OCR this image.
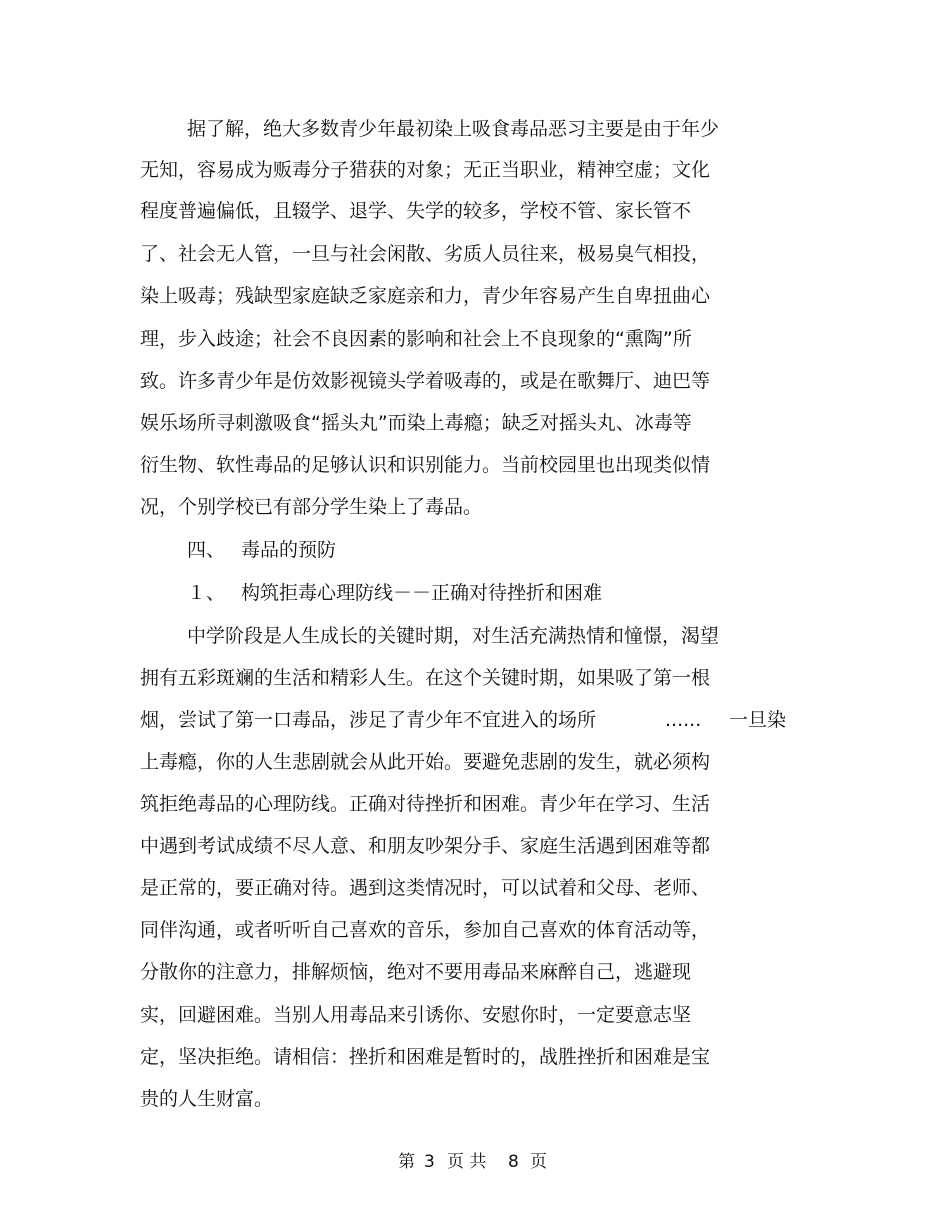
据了解，绝大多数青少年最初染上吸食毒品恶习主要是由于年少
无知，容易成为贩毒分子猎获的对象；无正当职业，精神空虚；文化
程度普遍偏低，且辍学、退学、失学的较多，学校不管、家长管不
了、社会无人管，一旦与社会闲散、劣质人员往来，极易臭气相投，
染上吸毒；残缺型家庭缺乏家庭亲和力，青少年容易产生自卑扭曲心
理，步入歧途；社会不良因素的影响和社会上不良现象的“熏陶”所
致。许多青少年是仿效影视镜头学着吸毒的，或是在歌舞厅、迪巴等
娱乐场所寻刺激吸食“摇头丸”而染上毒瘾；缺乏对摇头丸、冰毒等
衍生物、软性毒品的足够认识和识别能力。当前校园里也出现类似情
况，个别学校已有部分学生染上了毒品。
四、 毒品的预防
１、 构筑拒毒心理防线－－正确对待挫折和困难
中学阶段是人生成长的关键时期，对生活充满热情和憧憬，渴望
拥有五彩斑斓的生活和精彩人生。在这个关键时期，如果吸了第一根
烟，尝试了第一口毒品，涉足了青少年不宜进入的场所	...... 一旦染
上毒瘾，你的人生悲剧就会从此开始。要避免悲剧的发生，就必须构
筑拒绝毒品的心理防线。正确对待挫折和困难。青少年在学习、生活
中遇到考试成绩不尽人意、和朋友吵架分手、家庭生活遇到困难等都
是正常的，要正确对待。遇到这类情况时，可以试着和父母、老师、
同伴沟通，或者听听自己喜欢的音乐，参加自己喜欢的体育活动等，
分散你的注意力，排解烦恼，绝对不要用毒品来麻醉自己，逃避现
实，回避困难。当别人用毒品来引诱你、安慰你时，一定要意志坚
定，坚决拒绝。请相信：挫折和困难是暂时的，战胜挫折和困难是宝
贵的人生财富。
第 3 页 共 8 页
